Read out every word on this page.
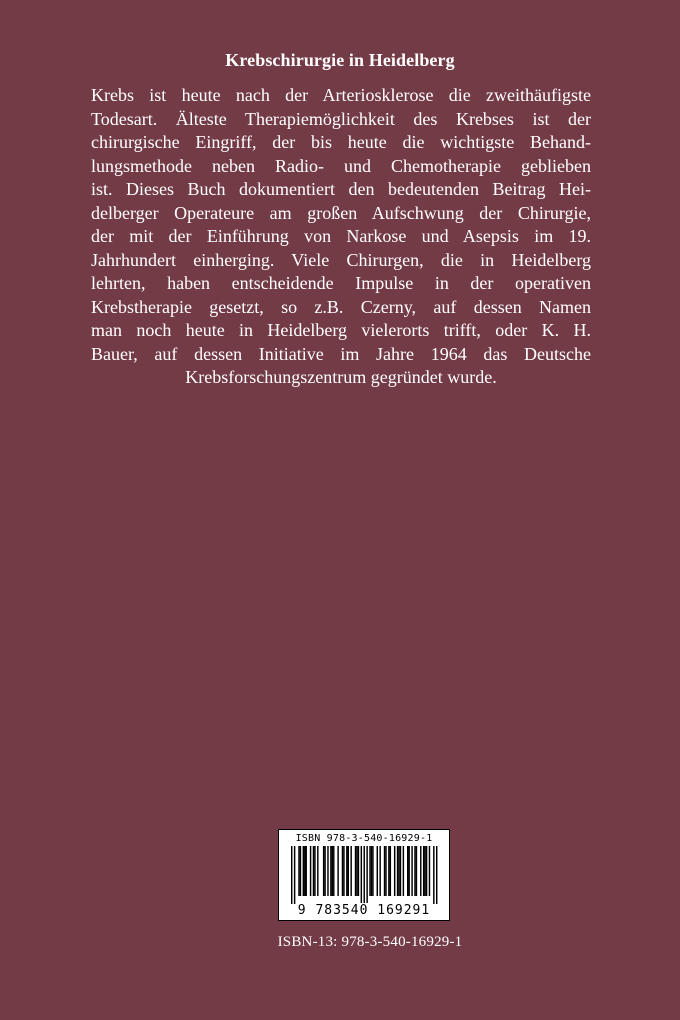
Krebschirurgie in Heidelberg
Krebs ist heute nach der Arteriosklerose die zweithäufigste
Todesart. Älteste Therapiemöglichkeit des Krebses ist der
chirurgische Eingriff, der bis heute die wichtigste Behand-
lungsmethode neben Radio- und Chemotherapie geblieben
ist. Dieses Buch dokumentiert den bedeutenden Beitrag Hei-
delberger Operateure am großen Aufschwung der Chirurgie,
der mit der Einführung von Narkose und Asepsis im 19.
Jahrhundert einherging. Viele Chirurgen, die in Heidelberg
lehrten, haben entscheidende Impulse in der operativen
Krebstherapie gesetzt, so z.B. Czerny, auf dessen Namen
man noch heute in Heidelberg vielerorts trifft, oder K. H.
Bauer, auf dessen Initiative im Jahre 1964 das Deutsche
Krebsforschungszentrum gegründet wurde.
ISBN 978-3-540-16929-1
9 783540 169291
ISBN-13: 978-3-540-16929-1
